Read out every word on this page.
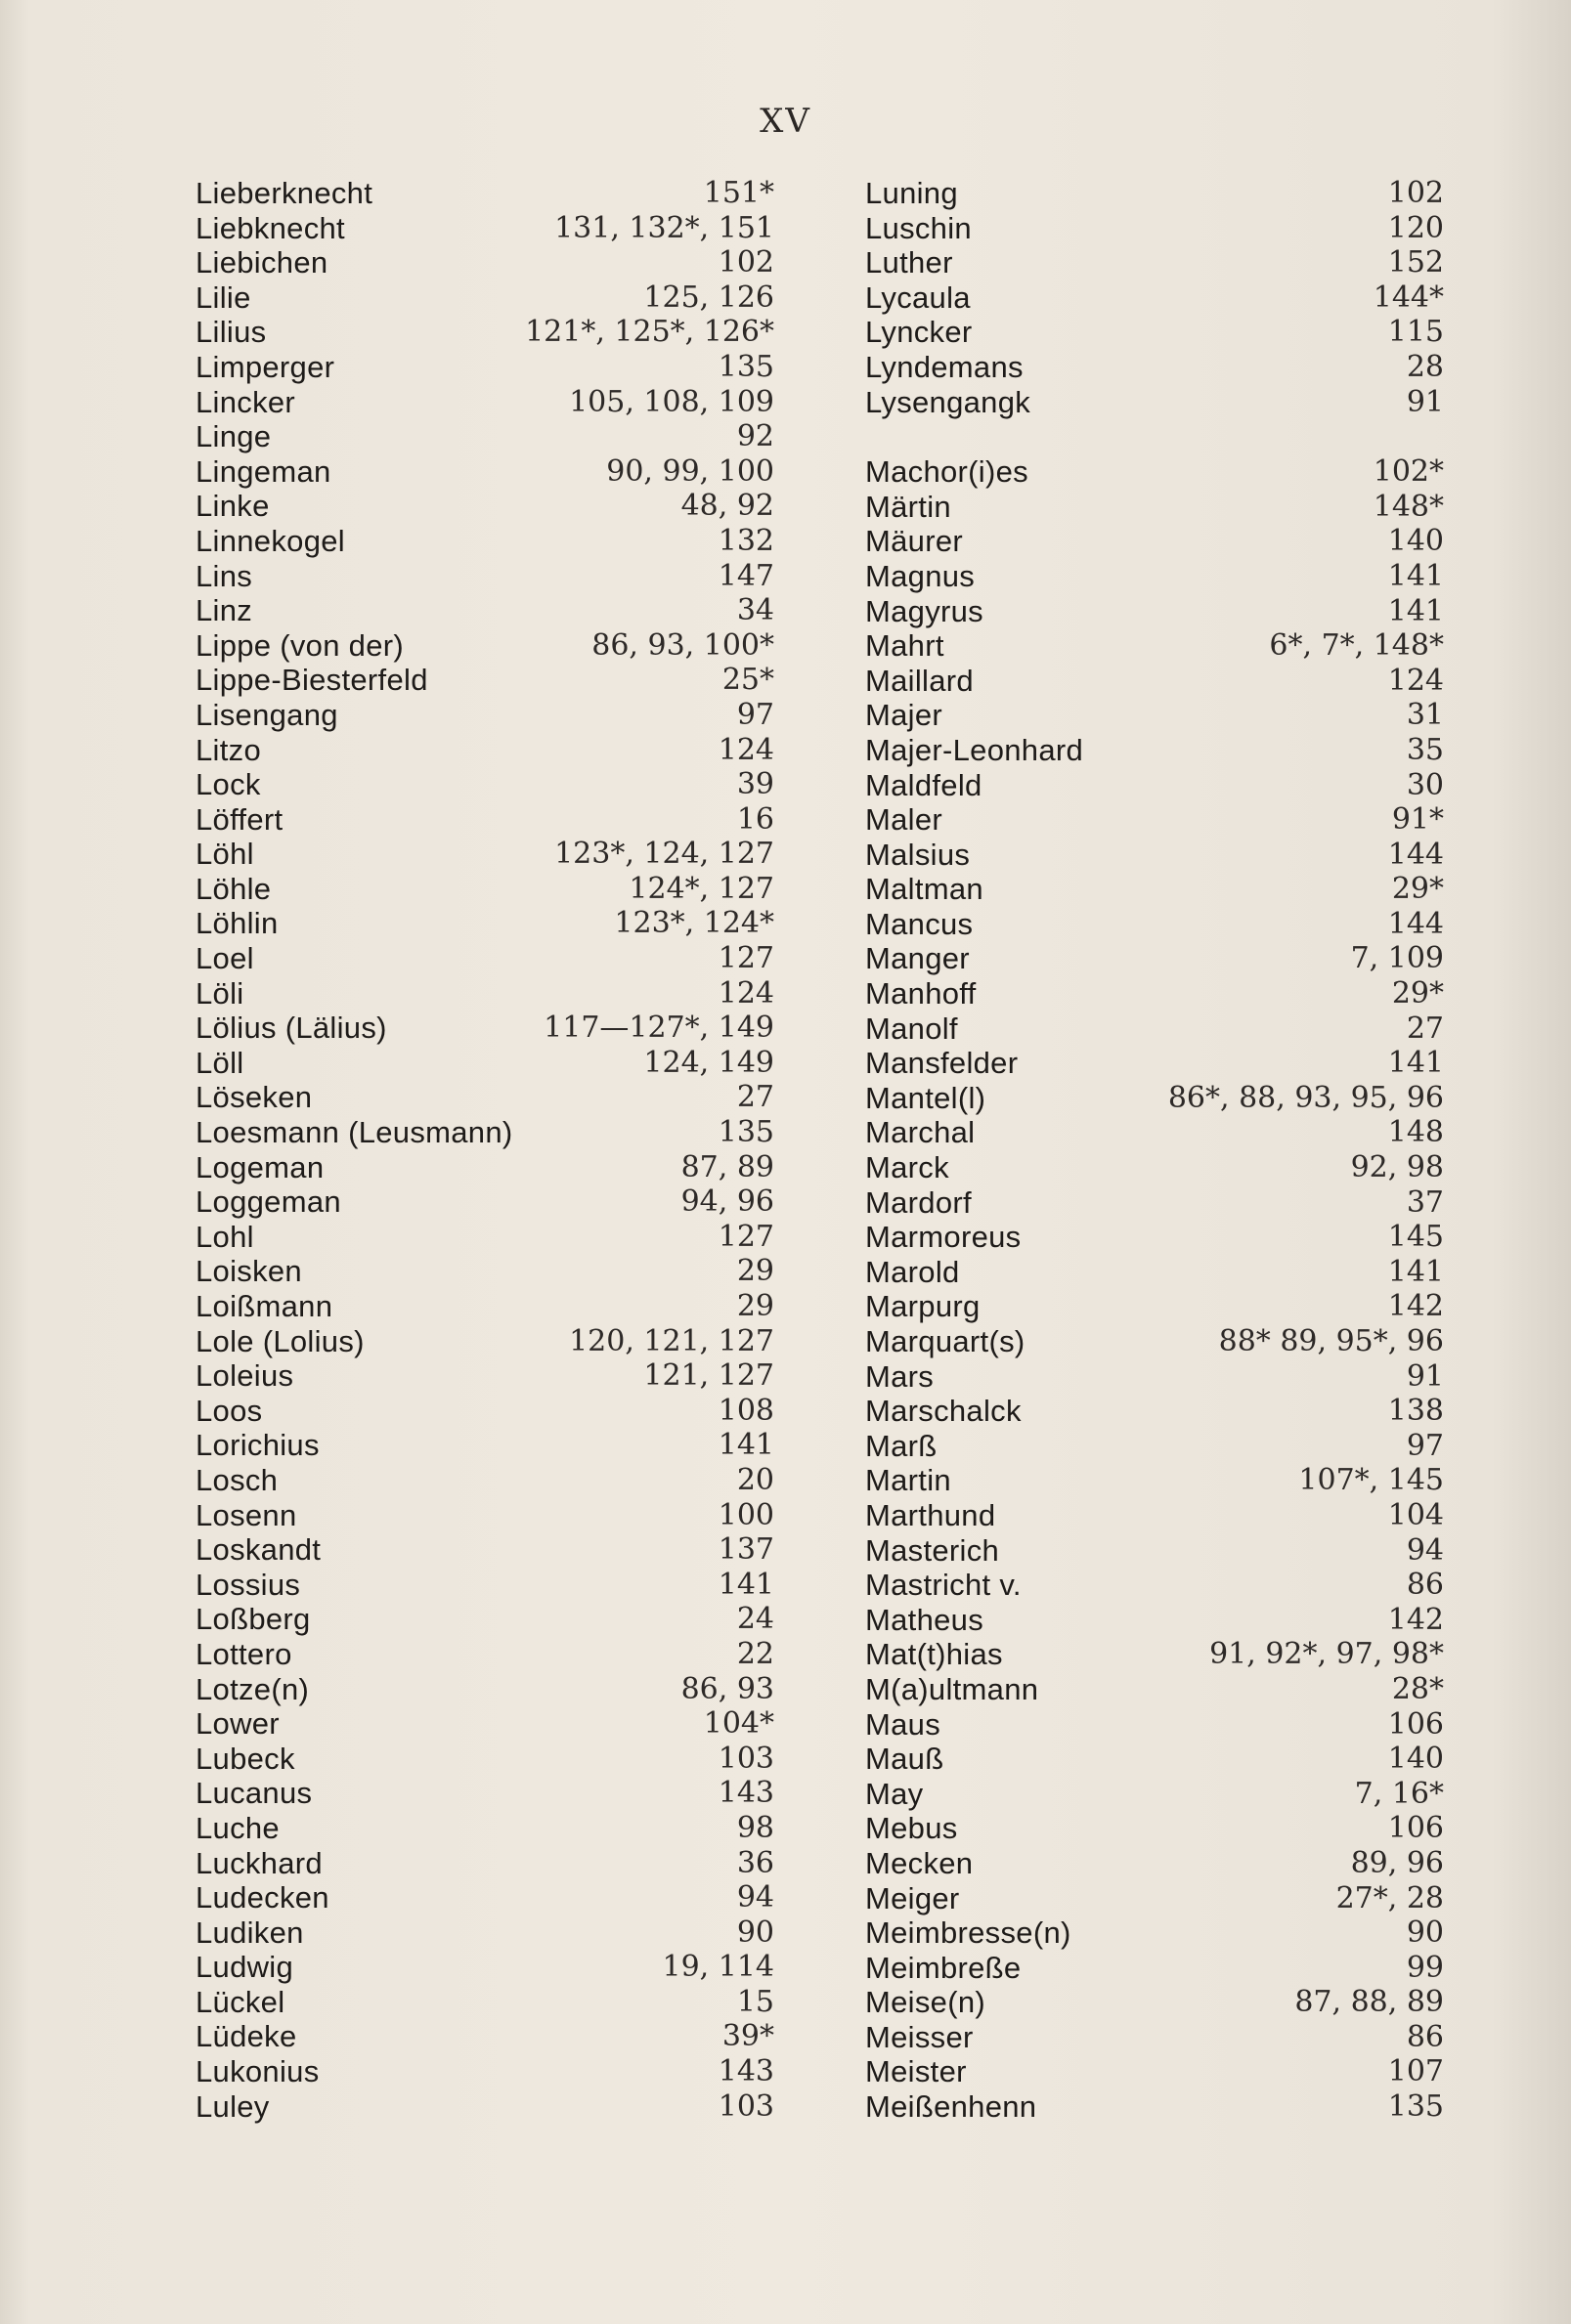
XV
Lieberknecht	151*
Liebknecht	131, 132*, 151
Liebichen	102
Lilie	125, 126
Lilius	121*, 125*, 126*
Limperger	135
Lincker	105, 108, 109
Linge	92
Lingeman	90, 99, 100
Linke	48, 92
Linnekogel	132
Lins	147
Linz	34
Lippe (von der)	86, 93, 100*
Lippe-Biesterfeld	25*
Lisengang	97
Litzo	124
Lock	39
Löffert	16
Löhl	123*, 124, 127
Löhle	124*, 127
Löhlin	123*, 124*
Loel	127
Löli	124
Lölius (Lälius)	117—127*, 149
Löll	124, 149
Löseken	27
Loesmann (Leusmann)	135
Logeman	87, 89
Loggeman	94, 96
Lohl	127
Loisken	29
Loißmann	29
Lole (Lolius)	120, 121, 127
Loleius	121, 127
Loos	108
Lorichius	141
Losch	20
Losenn	100
Loskandt	137
Lossius	141
Loßberg	24
Lottero	22
Lotze(n)	86, 93
Lower	104*
Lubeck	103
Lucanus	143
Luche	98
Luckhard	36
Ludecken	94
Ludiken	90
Ludwig	19, 114
Lückel	15
Lüdeke	39*
Lukonius	143
Luley	103
Luning	102
Luschin	120
Luther	152
Lycaula	144*
Lyncker	115
Lyndemans	28
Lysengangk	91
Machor(i)es	102*
Märtin	148*
Mäurer	140
Magnus	141
Magyrus	141
Mahrt	6*, 7*, 148*
Maillard	124
Majer	31
Majer-Leonhard	35
Maldfeld	30
Maler	91*
Malsius	144
Maltman	29*
Mancus	144
Manger	7, 109
Manhoff	29*
Manolf	27
Mansfelder	141
Mantel(l)	86*, 88, 93, 95, 96
Marchal	148
Marck	92, 98
Mardorf	37
Marmoreus	145
Marold	141
Marpurg	142
Marquart(s)	88* 89, 95*, 96
Mars	91
Marschalck	138
Marß	97
Martin	107*, 145
Marthund	104
Masterich	94
Mastricht v.	86
Matheus	142
Mat(t)hias	91, 92*, 97, 98*
M(a)ultmann	28*
Maus	106
Mauß	140
May	7, 16*
Mebus	106
Mecken	89, 96
Meiger	27*, 28
Meimbresse(n)	90
Meimbreße	99
Meise(n)	87, 88, 89
Meisser	86
Meister	107
Meißenhenn	135
